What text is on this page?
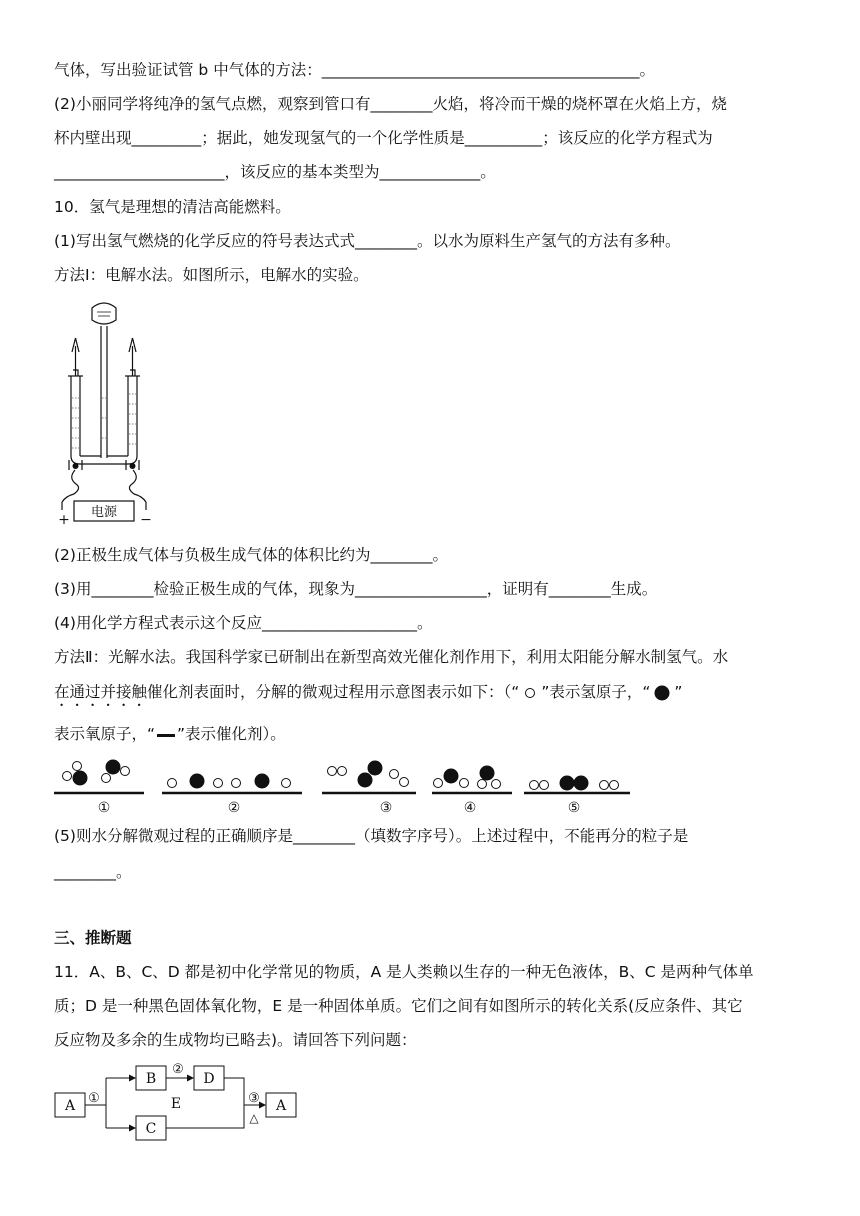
气体，写出验证试管 b 中气体的方法：_________________________________________。
(2)小丽同学将纯净的氢气点燃，观察到管口有________火焰，将冷而干燥的烧杯罩在火焰上方，烧
杯内壁出现_________；据此，她发现氢气的一个化学性质是__________；该反应的化学方程式为
______________________，该反应的基本类型为_____________。
10．氢气是理想的清洁高能燃料。
(1)写出氢气燃烧的化学反应的符号表达式式________。以水为原料生产氢气的方法有多种。
方法Ⅰ：电解水法。如图所示，电解水的实验。
电源
+	−
(2)正极生成气体与负极生成气体的体积比约为________。
(3)用________检验正极生成的气体，现象为_________________，证明有________生成。
(4)用化学方程式表示这个反应____________________。
方法Ⅱ：光解水法。我国科学家已研制出在新型高效光催化剂作用下，利用太阳能分解水制氢气。水
在通过并接触催化剂表面时，分解的微观过程用示意图表示如下：（“ ”表示氢原子，“ ”
表示氧原子，“ ”表示催化剂）。
①	②	③	④	⑤
(5)则水分解微观过程的正确顺序是________（填数字序号）。上述过程中，不能再分的粒子是
________。
三、推断题
11．A、B、C、D 都是初中化学常见的物质，A 是人类赖以生存的一种无色液体，B、C 是两种气体单
质；D 是一种黑色固体氧化物，E 是一种固体单质。它们之间有如图所示的转化关系(反应条件、其它
反应物及多余的生成物均已略去)。请回答下列问题：
A
B
C
D
A
E
①
②
③
△
